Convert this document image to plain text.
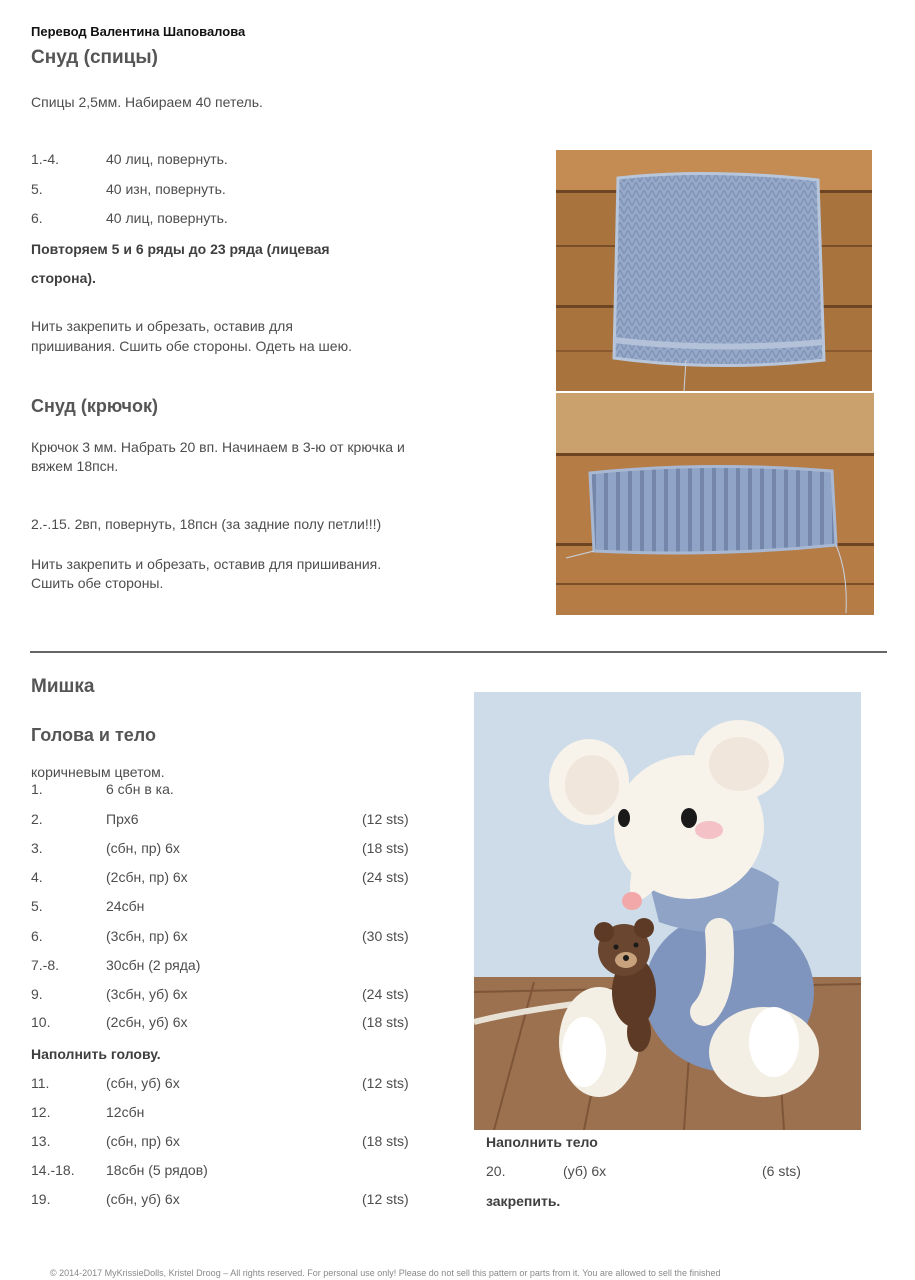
Перевод Валентина Шаповалова
Снуд (спицы)
Спицы 2,5мм. Набираем 40 петель.
1.-4.	40 лиц, повернуть.
5.	40 изн, повернуть.
6.	40 лиц, повернуть.
Повторяем 5 и 6 ряды до 23 ряда (лицевая
сторона).
Нить закрепить и обрезать, оставив для
пришивания. Сшить обе стороны. Одеть на шею.
Снуд (крючок)
Крючок 3 мм. Набрать 20 вп. Начинаем в 3-ю от крючка и
вяжем 18псн.
2.-.15. 2вп, повернуть, 18псн (за задние полу петли!!!)
Нить закрепить и обрезать, оставив для пришивания.
Сшить обе стороны.
Мишка
Голова и тело
коричневым цветом.
1.	6 сбн в ка.
2.	Прх6	(12 sts)
3.	(сбн, пр) 6х	(18 sts)
4.	(2сбн, пр) 6х	(24 sts)
5.	24сбн
6.	(3сбн, пр) 6х	(30 sts)
7.-8.	30сбн (2 ряда)
9.	(3сбн, уб) 6х	(24 sts)
10.	(2сбн, уб) 6х	(18 sts)
Наполнить голову.
11.	(сбн, уб) 6х	(12 sts)
12.	12сбн
13.	(сбн, пр) 6х	(18 sts)
14.-18. 18сбн (5 рядов)
19.	(сбн, уб) 6х	(12 sts)
Наполнить тело
20.	(уб) 6х	(6 sts)
закрепить.
© 2014-2017 MyKrissieDolls, Kristel Droog – All rights reserved. For personal use only! Please do not sell this pattern or parts from it. You are allowed to sell the finished
